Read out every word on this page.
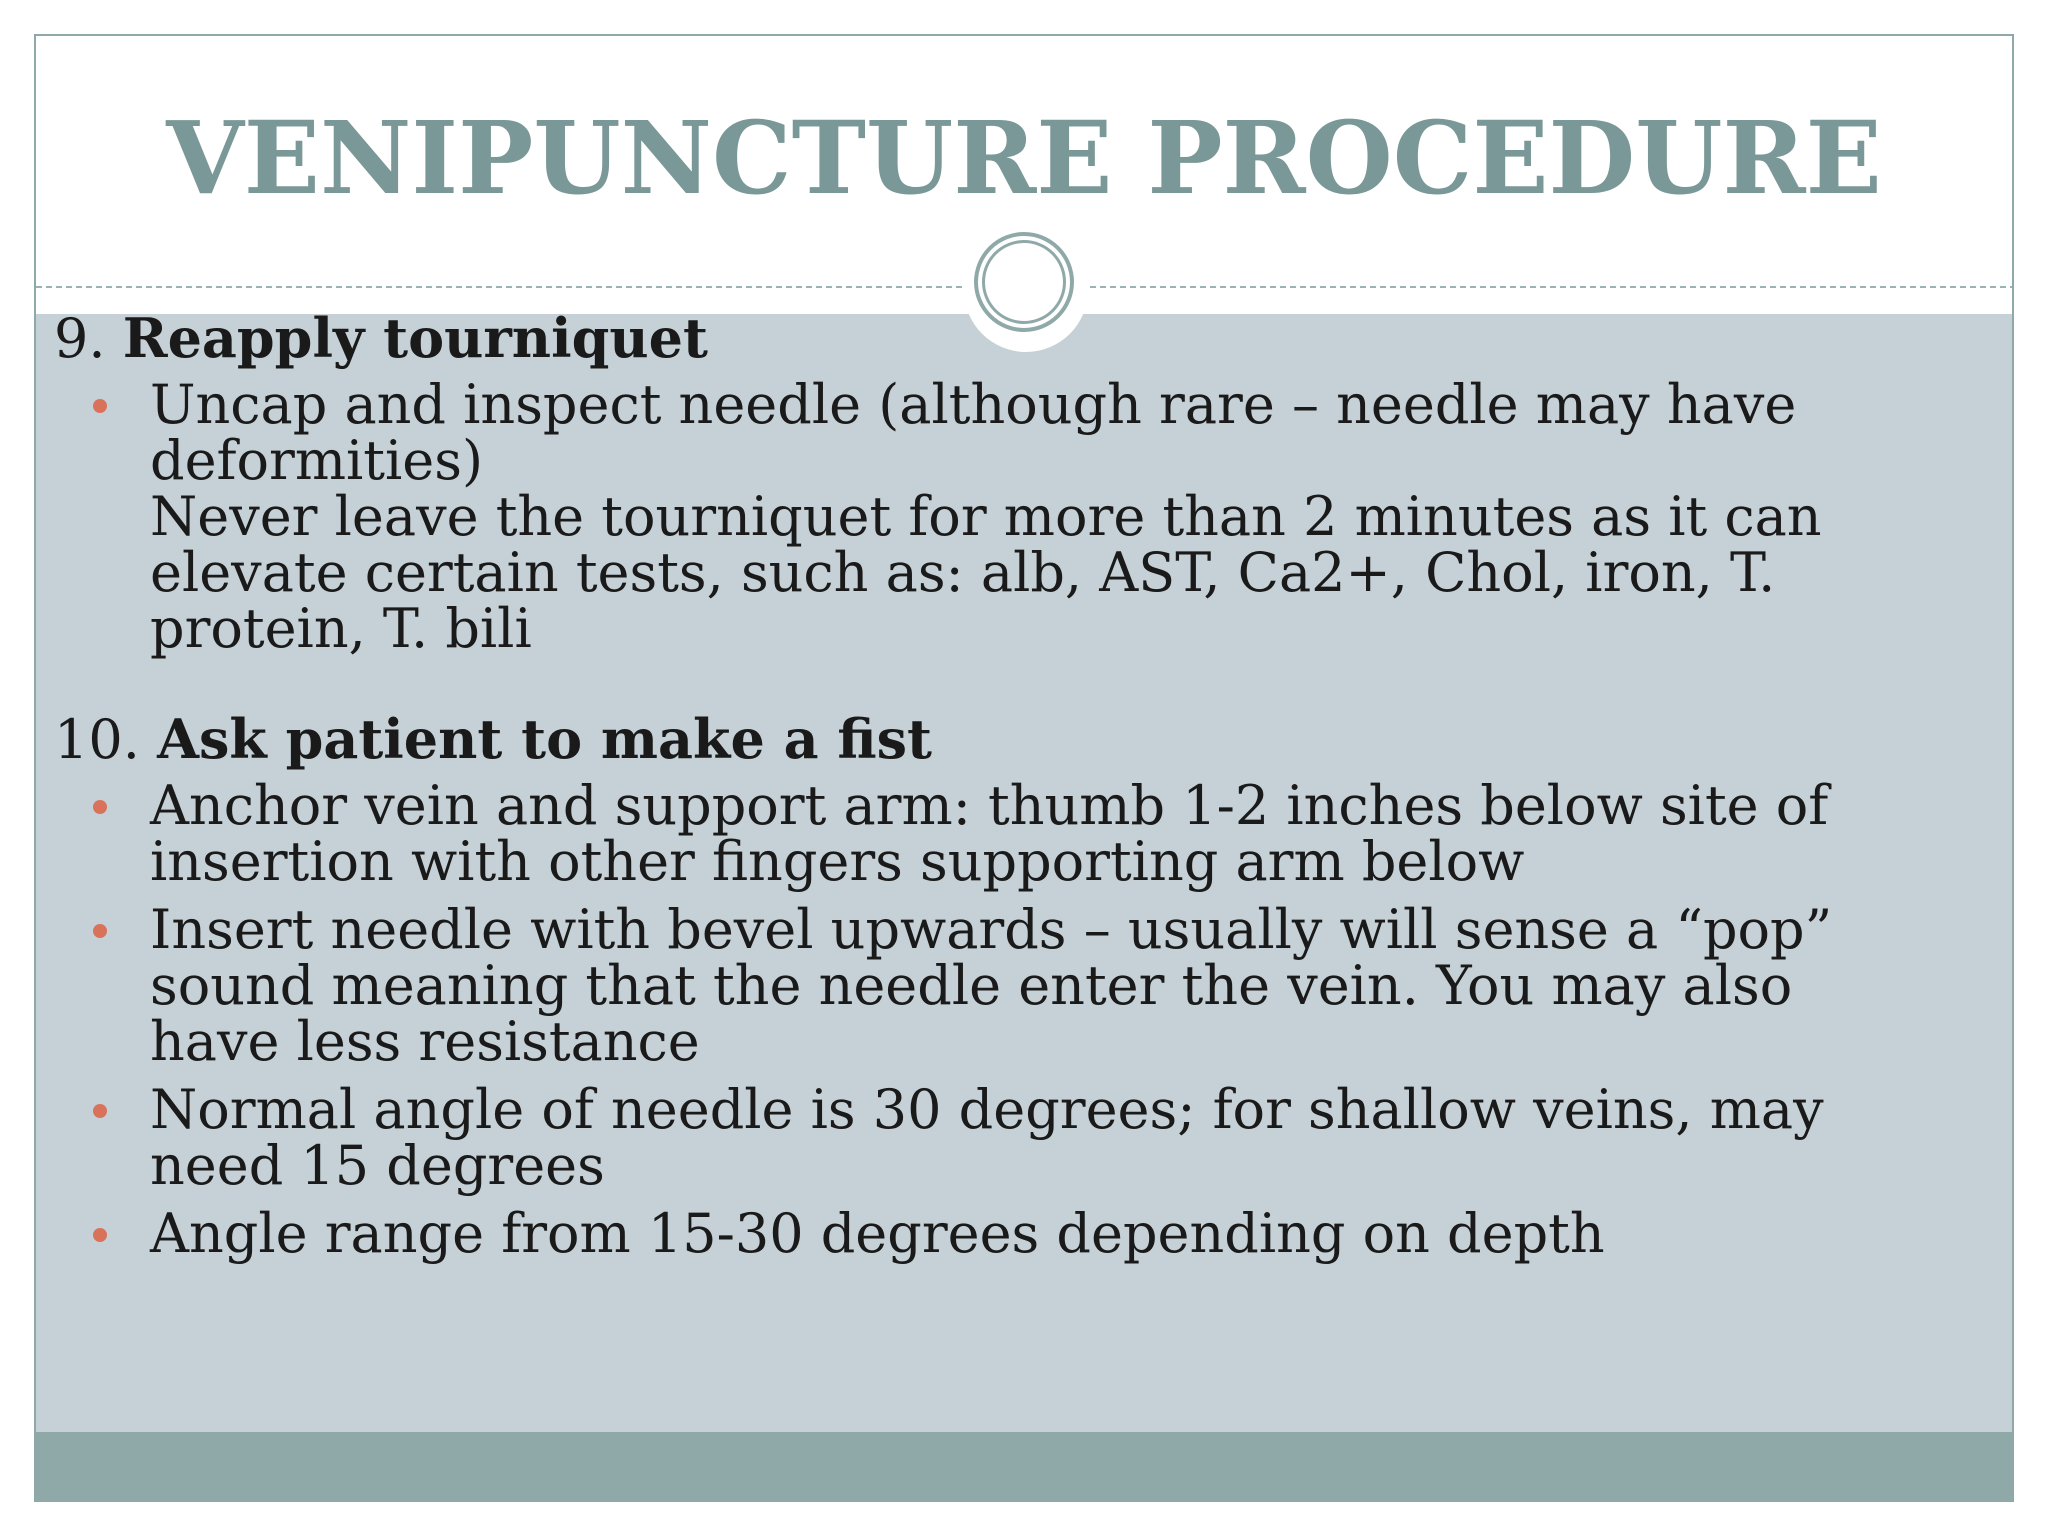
VENIPUNCTURE PROCEDURE

9. Reapply tourniquet

Uncap and inspect needle (although rare – needle may have deformities)
Never leave the tourniquet for more than 2 minutes as it can elevate certain tests, such as: alb, AST, Ca2+, Chol, iron, T. protein, T. bili

10. Ask patient to make a fist

Anchor vein and support arm: thumb 1-2 inches below site of insertion with other fingers supporting arm below
Insert needle with bevel upwards – usually will sense a “pop” sound meaning that the needle enter the vein. You may also have less resistance
Normal angle of needle is 30 degrees; for shallow veins, may need 15 degrees
Angle range from 15-30 degrees depending on depth
